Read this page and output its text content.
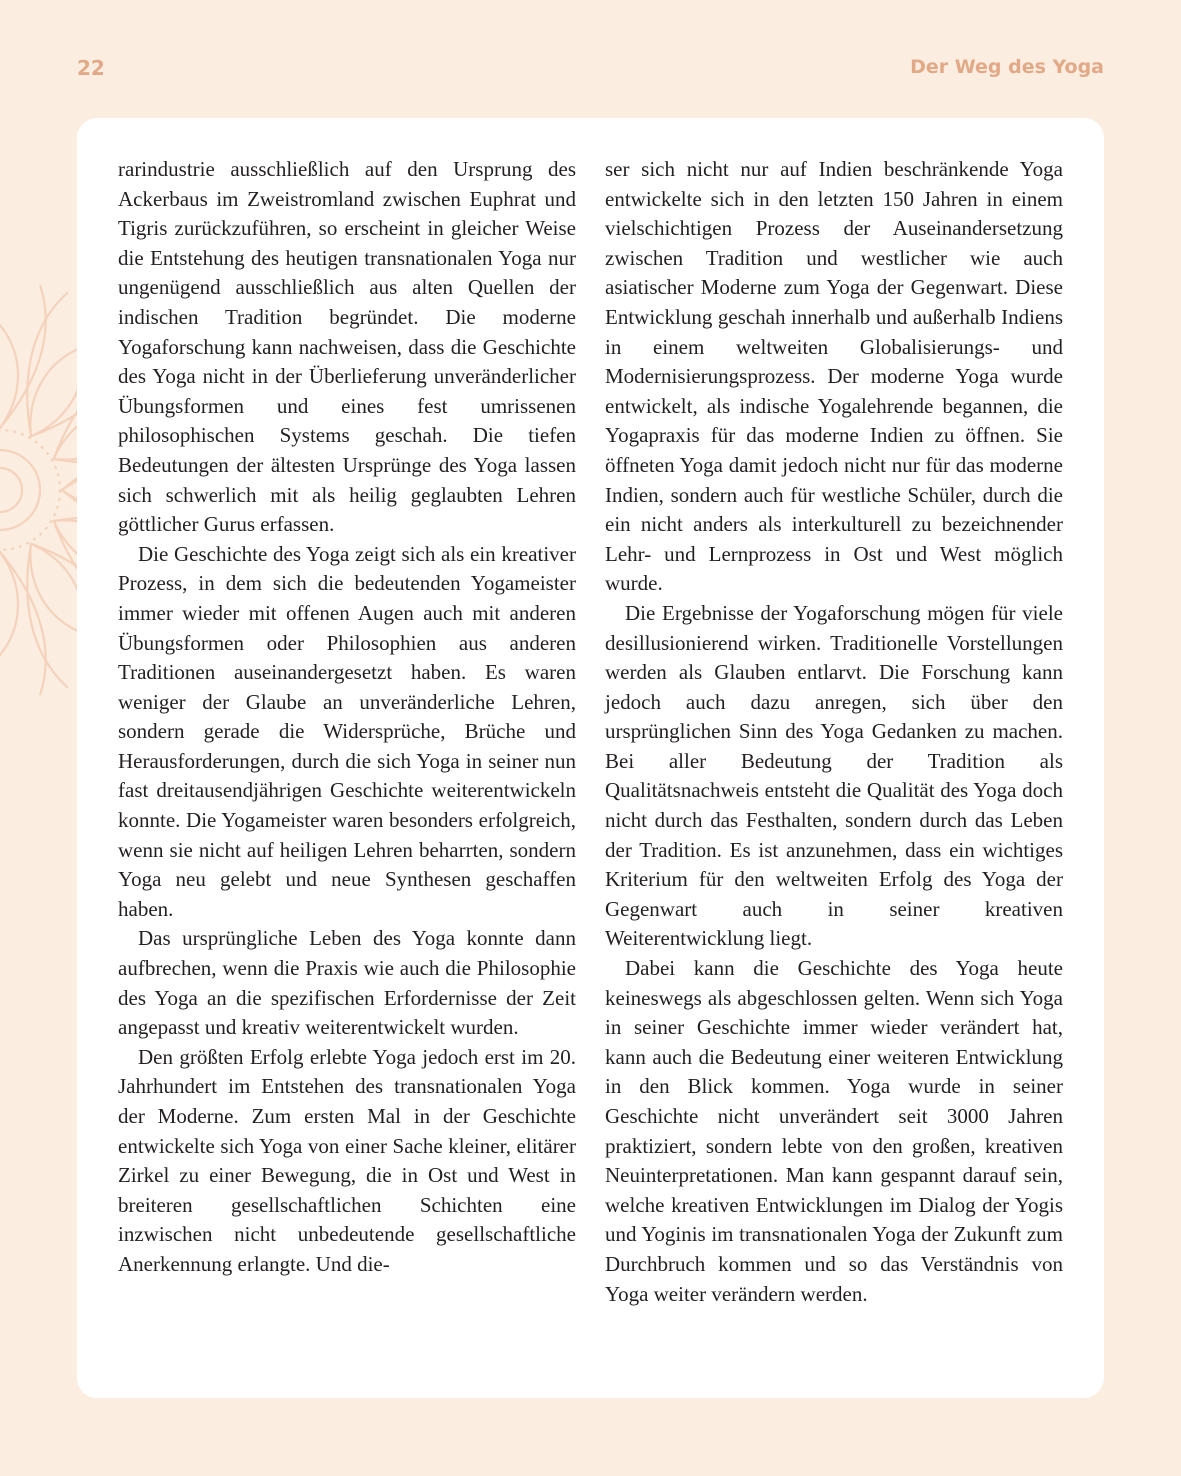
22	Der Weg des Yoga

rarindustrie ausschließlich auf den Ursprung des Ackerbaus im Zweistromland zwischen Euphrat und Tigris zurückzuführen, so erscheint in gleicher Weise die Entstehung des heutigen transnationalen Yoga nur ungenügend ausschließlich aus alten Quellen der indischen Tradition begründet. Die moderne Yogaforschung kann nachweisen, dass die Geschichte des Yoga nicht in der Überlieferung unveränderlicher Übungsformen und eines fest umrissenen philosophischen Systems geschah. Die tiefen Bedeutungen der ältesten Ursprünge des Yoga lassen sich schwerlich mit als heilig geglaubten Lehren göttlicher Gurus erfassen.

Die Geschichte des Yoga zeigt sich als ein kreativer Prozess, in dem sich die bedeutenden Yogameister immer wieder mit offenen Augen auch mit anderen Übungsformen oder Philosophien aus anderen Traditionen auseinandergesetzt haben. Es waren weniger der Glaube an unveränderliche Lehren, sondern gerade die Widersprüche, Brüche und Herausforderungen, durch die sich Yoga in seiner nun fast dreitausendjährigen Geschichte weiterentwickeln konnte. Die Yogameister waren besonders erfolgreich, wenn sie nicht auf heiligen Lehren beharrten, sondern Yoga neu gelebt und neue Synthesen geschaffen haben.

Das ursprüngliche Leben des Yoga konnte dann aufbrechen, wenn die Praxis wie auch die Philosophie des Yoga an die spezifischen Erfordernisse der Zeit angepasst und kreativ weiterentwickelt wurden.

Den größten Erfolg erlebte Yoga jedoch erst im 20. Jahrhundert im Entstehen des transnationalen Yoga der Moderne. Zum ersten Mal in der Geschichte entwickelte sich Yoga von einer Sache kleiner, elitärer Zirkel zu einer Bewegung, die in Ost und West in breiteren gesellschaftlichen Schichten eine inzwischen nicht unbedeutende gesellschaftliche Anerkennung erlangte. Und die-

ser sich nicht nur auf Indien beschränkende Yoga entwickelte sich in den letzten 150 Jahren in einem vielschichtigen Prozess der Auseinandersetzung zwischen Tradition und westlicher wie auch asiatischer Moderne zum Yoga der Gegenwart. Diese Entwicklung geschah innerhalb und außerhalb Indiens in einem weltweiten Globalisierungs- und Modernisierungsprozess. Der moderne Yoga wurde entwickelt, als indische Yogalehrende begannen, die Yogapraxis für das moderne Indien zu öffnen. Sie öffneten Yoga damit jedoch nicht nur für das moderne Indien, sondern auch für westliche Schüler, durch die ein nicht anders als interkulturell zu bezeichnender Lehr- und Lernprozess in Ost und West möglich wurde.

Die Ergebnisse der Yogaforschung mögen für viele desillusionierend wirken. Traditionelle Vorstellungen werden als Glauben entlarvt. Die Forschung kann jedoch auch dazu anregen, sich über den ursprünglichen Sinn des Yoga Gedanken zu machen. Bei aller Bedeutung der Tradition als Qualitätsnachweis entsteht die Qualität des Yoga doch nicht durch das Festhalten, sondern durch das Leben der Tradition. Es ist anzunehmen, dass ein wichtiges Kriterium für den weltweiten Erfolg des Yoga der Gegenwart auch in seiner kreativen Weiterentwicklung liegt.

Dabei kann die Geschichte des Yoga heute keineswegs als abgeschlossen gelten. Wenn sich Yoga in seiner Geschichte immer wieder verändert hat, kann auch die Bedeutung einer weiteren Entwicklung in den Blick kommen. Yoga wurde in seiner Geschichte nicht unverändert seit 3000 Jahren praktiziert, sondern lebte von den großen, kreativen Neuinterpretationen. Man kann gespannt darauf sein, welche kreativen Entwicklungen im Dialog der Yogis und Yoginis im transnationalen Yoga der Zukunft zum Durchbruch kommen und so das Verständnis von Yoga weiter verändern werden.
